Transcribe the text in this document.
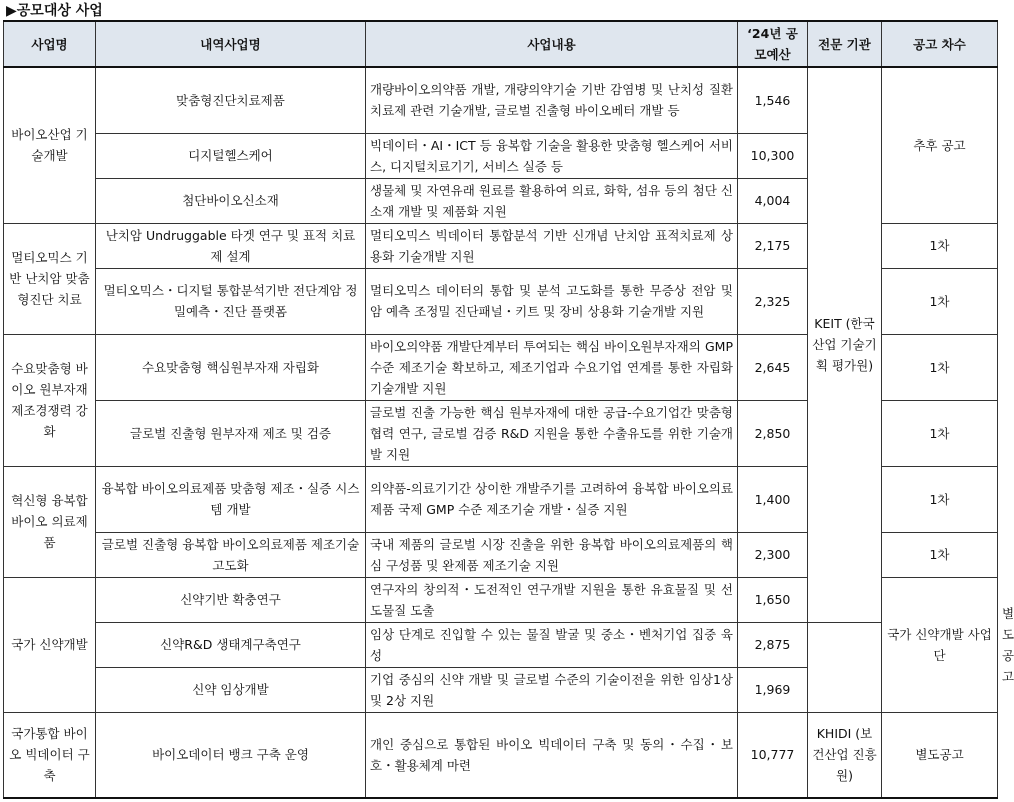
▶공모대상 사업
사업명	내역사업명	사업내용	‘24년 공모예산	전문 기관	공고 차수	
바이오산업 기술개발	맞춤형진단치료제품	개량바이오의약품 개발, 개량의약기술 기반 감염병 및 난치성 질환 치료제 관련 기술개발, 글로벌 진출형 바이오베터 개발 등	1,546	KEIT (한국산업 기술기획 평가원)	추후 공고	
	디지털헬스케어	빅데이터・AI・ICT 등 융복합 기술을 활용한 맞춤형 헬스케어 서비스, 디지털치료기기, 서비스 실증 등	10,300			
	첨단바이오신소재	생물체 및 자연유래 원료를 활용하여 의료, 화학, 섬유 등의 첨단 신소재 개발 및 제품화 지원	4,004			
멀티오믹스 기반 난치암 맞춤형진단 치료	난치암 Undruggable 타겟 연구 및 표적 치료제 설계	멀티오믹스 빅데이터 통합분석 기반 신개념 난치암 표적치료제 상용화 기술개발 지원	2,175		1차	
	멀티오믹스・디지털 통합분석기반 전단계암 정밀예측・진단 플랫폼	멀티오믹스 데이터의 통합 및 분석 고도화를 통한 무증상 전암 및 암 예측 조정밀 진단패널・키트 및 장비 상용화 기술개발 지원	2,325		1차	
수요맞춤형 바이오 원부자재 제조경쟁력 강화	수요맞춤형 핵심원부자재 자립화	바이오의약품 개발단계부터 투여되는 핵심 바이오원부자재의 GMP 수준 제조기술 확보하고, 제조기업과 수요기업 연계를 통한 자립화 기술개발 지원	2,645		1차	
	글로벌 진출형 원부자재 제조 및 검증	글로벌 진출 가능한 핵심 원부자재에 대한 공급-수요기업간 맞춤형 협력 연구, 글로벌 검증 R&D 지원을 통한 수출유도를 위한 기술개발 지원	2,850		1차	
혁신형 융복합 바이오 의료제품	융복합 바이오의료제품 맞춤형 제조・실증 시스템 개발	의약품-의료기기간 상이한 개발주기를 고려하여 융복합 바이오의료제품 국제 GMP 수준 제조기술 개발・실증 지원	1,400		1차	
	글로벌 진출형 융복합 바이오의료제품 제조기술 고도화	국내 제품의 글로벌 시장 진출을 위한 융복합 바이오의료제품의 핵심 구성품 및 완제품 제조기술 지원	2,300		1차	
국가 신약개발	신약기반 확충연구	연구자의 창의적・도전적인 연구개발 지원을 통한 유효물질 및 선도물질 도출	1,650		국가 신약개발 사업단	별도공고
	신약R&D 생태계구축연구	임상 단계로 진입할 수 있는 물질 발굴 및 중소・벤처기업 집중 육성	2,875			
	신약 임상개발	기업 중심의 신약 개발 및 글로벌 수준의 기술이전을 위한 임상1상 및 2상 지원	1,969			
국가통합 바이오 빅데이터 구축	바이오데이터 뱅크 구축 운영	개인 중심으로 통합된 바이오 빅데이터 구축 및 동의・수집・보호・활용체계 마련	10,777	KHIDI (보건산업 진흥원)	별도공고	
